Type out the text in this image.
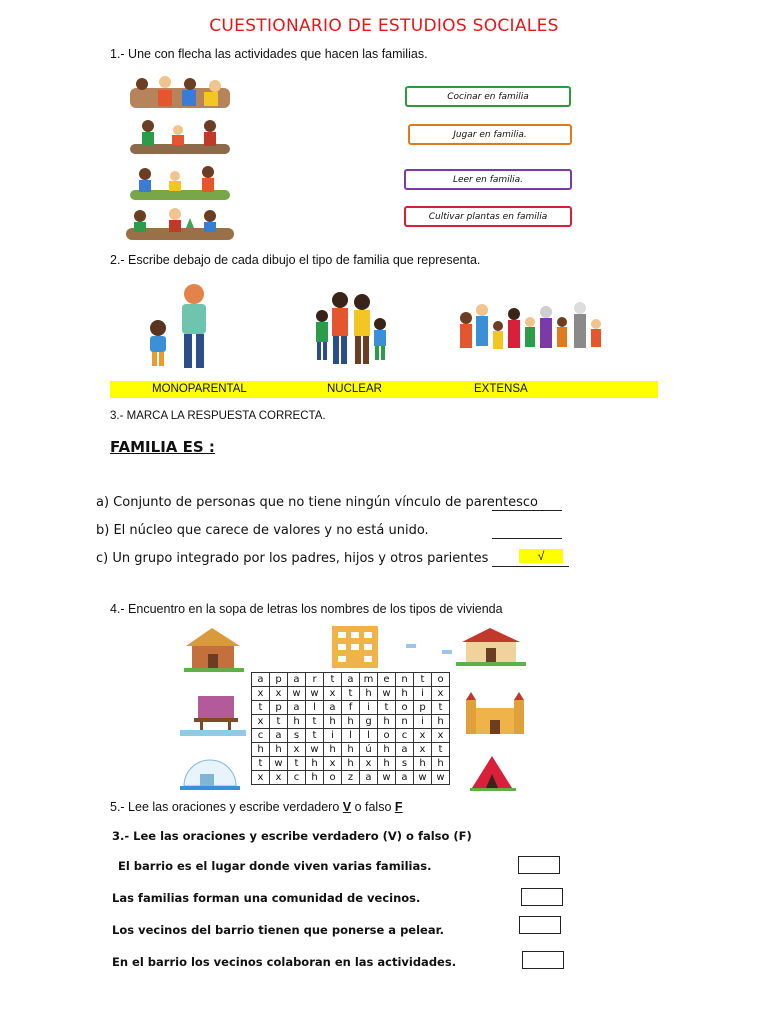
CUESTIONARIO DE ESTUDIOS SOCIALES
1.- Une con flecha las actividades que hacen las familias.
Cocinar en familia
Jugar en familia.
Leer en familia.
Cultivar plantas en familia
2.- Escribe debajo de cada dibujo el tipo de familia que representa.
MONOPARENTAL	NUCLEAR	EXTENSA
3.- MARCA LA RESPUESTA CORRECTA.
FAMILIA ES :
a) Conjunto de personas que no tiene ningún vínculo de parentesco
b) El núcleo que carece de valores y no está unido.
c) Un grupo integrado por los padres, hijos y otros parientes	√
4.- Encuentro en la sopa de letras los nombres de los tipos de vivienda
a	p	a	r	t	a	m	e	n	t	o
x	x	w	w	x	t	h	w	h	i	x
t	p	a	l	a	f	i	t	o	p	t
x	t	h	t	h	h	g	h	n	i	h
c	a	s	t	i	l	l	o	c	x	x
h	h	x	w	h	h	ú	h	a	x	t
t	w	t	h	x	h	x	h	s	h	h
x	x	c	h	o	z	a	w	a	w	w
5.- Lee las oraciones y escribe verdadero V o falso F
3.- Lee las oraciones y escribe verdadero (V) o falso (F)
El barrio es el lugar donde viven varias familias.
Las familias forman una comunidad de vecinos.
Los vecinos del barrio tienen que ponerse a pelear.
En el barrio los vecinos colaboran en las actividades.
